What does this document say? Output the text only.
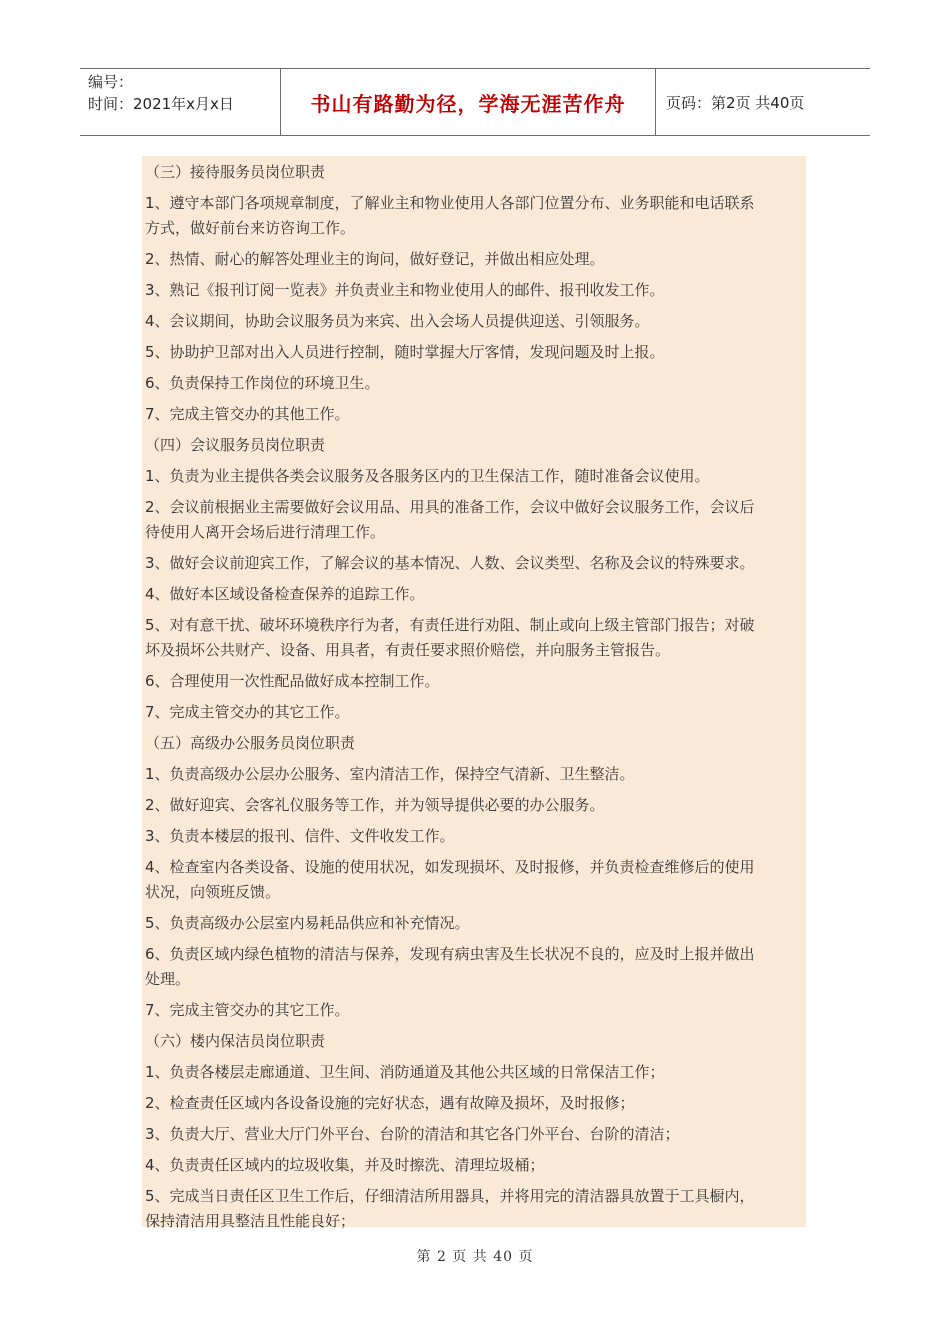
编号：
时间：2021年x月x日	书山有路勤为径，学海无涯苦作舟	页码：第2页 共40页
（三）接待服务员岗位职责
1、遵守本部门各项规章制度，了解业主和物业使用人各部门位置分布、业务职能和电话联系
方式，做好前台来访咨询工作。
2、热情、耐心的解答处理业主的询问，做好登记，并做出相应处理。
3、熟记《报刊订阅一览表》并负责业主和物业使用人的邮件、报刊收发工作。
4、会议期间，协助会议服务员为来宾、出入会场人员提供迎送、引领服务。
5、协助护卫部对出入人员进行控制，随时掌握大厅客情，发现问题及时上报。
6、负责保持工作岗位的环境卫生。
7、完成主管交办的其他工作。
（四）会议服务员岗位职责
1、负责为业主提供各类会议服务及各服务区内的卫生保洁工作，随时准备会议使用。
2、会议前根据业主需要做好会议用品、用具的准备工作，会议中做好会议服务工作，会议后
待使用人离开会场后进行清理工作。
3、做好会议前迎宾工作，了解会议的基本情况、人数、会议类型、名称及会议的特殊要求。
4、做好本区域设备检查保养的追踪工作。
5、对有意干扰、破坏环境秩序行为者，有责任进行劝阻、制止或向上级主管部门报告；对破
坏及损坏公共财产、设备、用具者，有责任要求照价赔偿，并向服务主管报告。
6、合理使用一次性配品做好成本控制工作。
7、完成主管交办的其它工作。
（五）高级办公服务员岗位职责
1、负责高级办公层办公服务、室内清洁工作，保持空气清新、卫生整洁。
2、做好迎宾、会客礼仪服务等工作，并为领导提供必要的办公服务。
3、负责本楼层的报刊、信件、文件收发工作。
4、检查室内各类设备、设施的使用状况，如发现损坏、及时报修，并负责检查维修后的使用
状况，向领班反馈。
5、负责高级办公层室内易耗品供应和补充情况。
6、负责区域内绿色植物的清洁与保养，发现有病虫害及生长状况不良的，应及时上报并做出
处理。
7、完成主管交办的其它工作。
（六）楼内保洁员岗位职责
1、负责各楼层走廊通道、卫生间、消防通道及其他公共区域的日常保洁工作；
2、检查责任区域内各设备设施的完好状态，遇有故障及损坏，及时报修；
3、负责大厅、营业大厅门外平台、台阶的清洁和其它各门外平台、台阶的清洁；
4、负责责任区域内的垃圾收集，并及时擦洗、清理垃圾桶；
5、完成当日责任区卫生工作后，仔细清洁所用器具，并将用完的清洁器具放置于工具橱内，
保持清洁用具整洁且性能良好；
第 2 页 共 40 页
